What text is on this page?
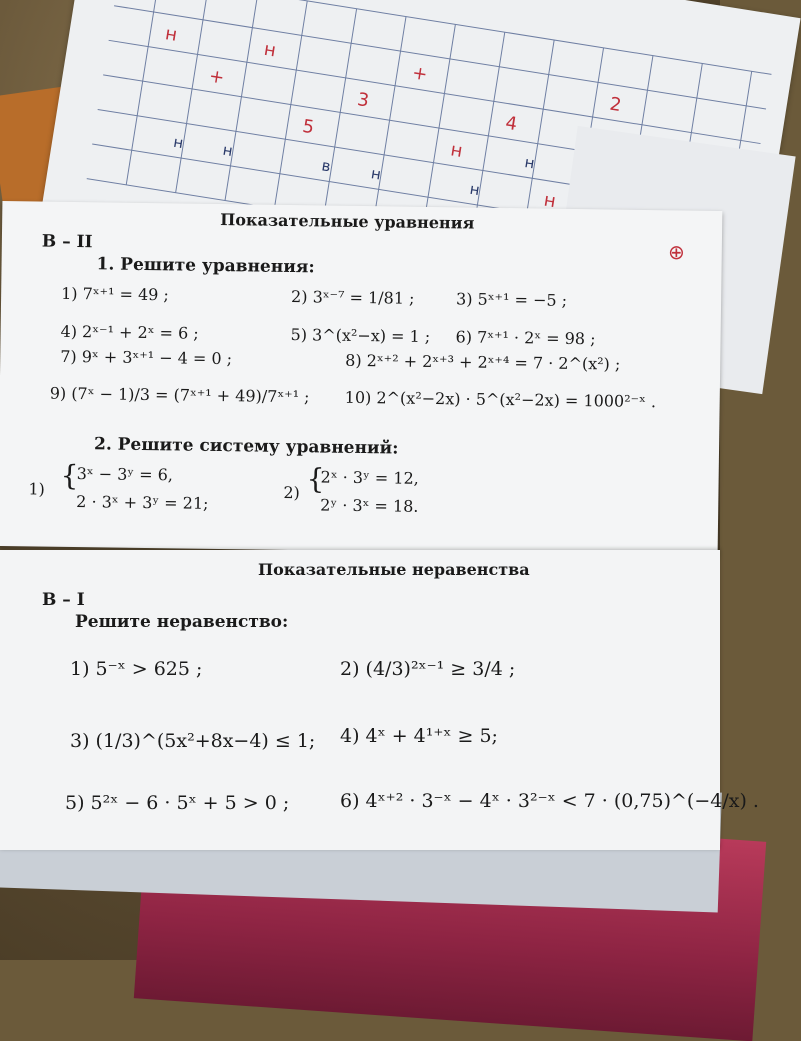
н
+
н
5
3
+
н
4
н
2
н н
в	н
н
н
Показательные уравнения
В – II
1. Решите уравнения:
1) 7ˣ⁺¹ = 49 ;	2) 3ˣ⁻⁷ = 1/81 ;	3) 5ˣ⁺¹ = −5 ;
4) 2ˣ⁻¹ + 2ˣ = 6 ;	5) 3^(x²−x) = 1 ; 6) 7ˣ⁺¹ · 2ˣ = 98 ;
7) 9ˣ + 3ˣ⁺¹ − 4 = 0 ;	8) 2ˣ⁺² + 2ˣ⁺³ + 2ˣ⁺⁴ = 7 · 2^(x²) ;
9) (7ˣ − 1)/3 = (7ˣ⁺¹ + 49)/7ˣ⁺¹ ; 10) 2^(x²−2x) · 5^(x²−2x) = 1000²⁻ˣ .
2. Решите систему уравнений:
1) {
3ˣ − 3ʸ = 6,
2 · 3ˣ + 3ʸ = 21;	2) {
2ˣ · 3ʸ = 12,
2ʸ · 3ˣ = 18.
Показательные неравенства
В – I
Решите неравенство:
1) 5⁻ˣ > 625 ;	2) (4/3)²ˣ⁻¹ ≥ 3/4 ;
3) (1/3)^(5x²+8x−4) ≤ 1; 4) 4ˣ + 4¹⁺ˣ ≥ 5;
5) 5²ˣ − 6 · 5ˣ + 5 > 0 ;	6) 4ˣ⁺² · 3⁻ˣ − 4ˣ · 3²⁻ˣ < 7 · (0,75)^(−4/x) .
⊕
